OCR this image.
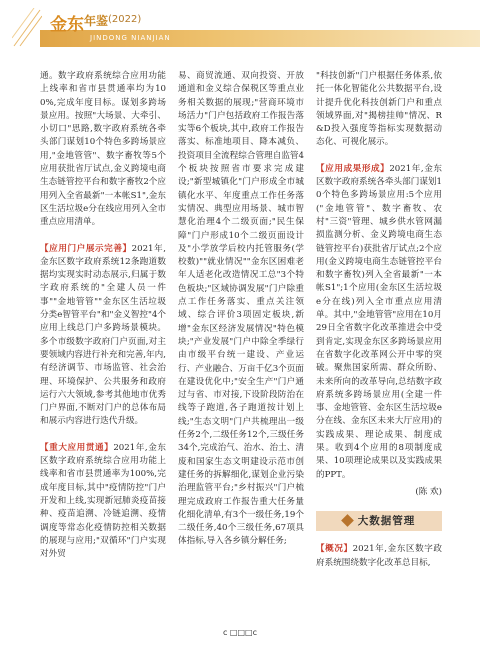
金东 年鉴 (2022)
JINDONG NIANJIAN

通。数字政府系统综合应用功能上线率和省市县贯通率均为100%,完成年度目标。谋划多跨场景应用。按照"大场景、大牵引、小切口"思路,数字政府系统各牵头部门谋划10个特色多跨场景应用,"金地管管"、数字畜牧等5个应用获批省厅试点,金义跨境电商生态链管控平台和数字畜牧2个应用列入全省最新"一本帐S1",金东区生活垃圾e分在线应用列入全市重点应用清单。

【应用门户展示完善】2021年,金东区数字政府系统12条跑道数据均实现实时动态展示,归属于数字政府系统的"全建人员一件事""金地管管""金东区生活垃圾分类e智管平台"和"金义智控"4个应用上线总门户多跨场景模块。多个市级数字政府门户页面,对主要领域内容进行补充和完善,年内,有经济调节、市场监管、社会治理、环境保护、公共服务和政府运行六大领域,参考其他地市优秀门户界面,不断对门户的总体布局和展示内容进行迭代升级。

【重大应用贯通】2021年,金东区数字政府系统综合应用功能上线率和省市县贯通率为100%,完成年度目标,其中"疫情防控"门户开发和上线,实现新冠肺炎疫苗接种、疫苗追溯、冷链追溯、疫情调度等常态化疫情防控相关数据的展现与应用;"双循环"门户实现对外贸

易、商贸流通、双向投资、开放通道和金义综合保税区等重点业务相关数据的展现;"营商环境市场活力"门户包括政府工作报告落实等6个板块,其中,政府工作报告落实、标准地项目、降本减负、投资项目全流程综合管理自监管4个板块按照省市要求完成建设;"新型城镇化"门户形成全市城镇化水平、年度重点工作任务落实情况、典型应用场景、城市智慧化治理4个二级页面;"民生保障"门户形成10个二级页面设计及"小学放学后校内托管服务(学校数)""就业情况""金东区困难老年人适老化改造情况工总"3个特色板块;"区域协调发展"门户除重点工作任务落实、重点关注领域、综合评价3项固定板块,新增"金东区经济发展情况"特色模块;"产业发展"门户中除全季绿行由市级平台统一建设、产业运行、产业融合、万亩千亿3个页面在建设优化中;"安全生产"门户通过与省、市对接,下设阶段防治在线等子跑道,各子跑道按计划上线;"生态文明"门户共梳理出一级任务2个,二级任务12个,三级任务34个,完成治气、治水、治土、清废和国家生态文明建设示范市创建任务的拆解细化,谋划企业污染治理监管平台;"乡村振兴"门户梳理完成政府工作报告重大任务量化细化清单,有3个一级任务,19个二级任务,40个三级任务,67项具体指标,导入各乡镇分解任务;

"科技创新"门户根据任务体系,依托一体化智能化公共数据平台,设计提升优化科技创新门户和重点领域界面,对"揭榜挂帅"情况、R&D投入强度等指标实现数据动态化、可视化展示。

【应用成果形成】2021年,金东区数字政府系统各牵头部门谋划10个特色多跨场景应用:5个应用("金地管管"、数字畜牧、农村"三资"管理、城乡供水管网漏损监测分析、金义跨境电商生态链管控平台)获批省厅试点;2个应用(金义跨境电商生态链管控平台和数字畜牧)列入全省最新"一本帐S1";1个应用(金东区生活垃圾e分在线)列入全市重点应用清单。其中,"金地管管"应用在10月29日全省数字化改革推进会中受到肯定,实现金东区多跨场景应用在省数字化改革网公开中零的突破。聚焦国家所需、群众所盼、未来所向的改革导向,总结数字政府系统多跨场景应用(全建一件事、金地管管、金东区生活垃圾e分在线、金东区未来大厅应用)的实践成果、理论成果、制度成果。收到4个应用的8项制度成果、10项理论成果以及实践成果的PPT。

(陈 欢)
大数据管理

【概况】2021年,金东区数字政府系统围绕数字化改革总目标,

c □□□c
